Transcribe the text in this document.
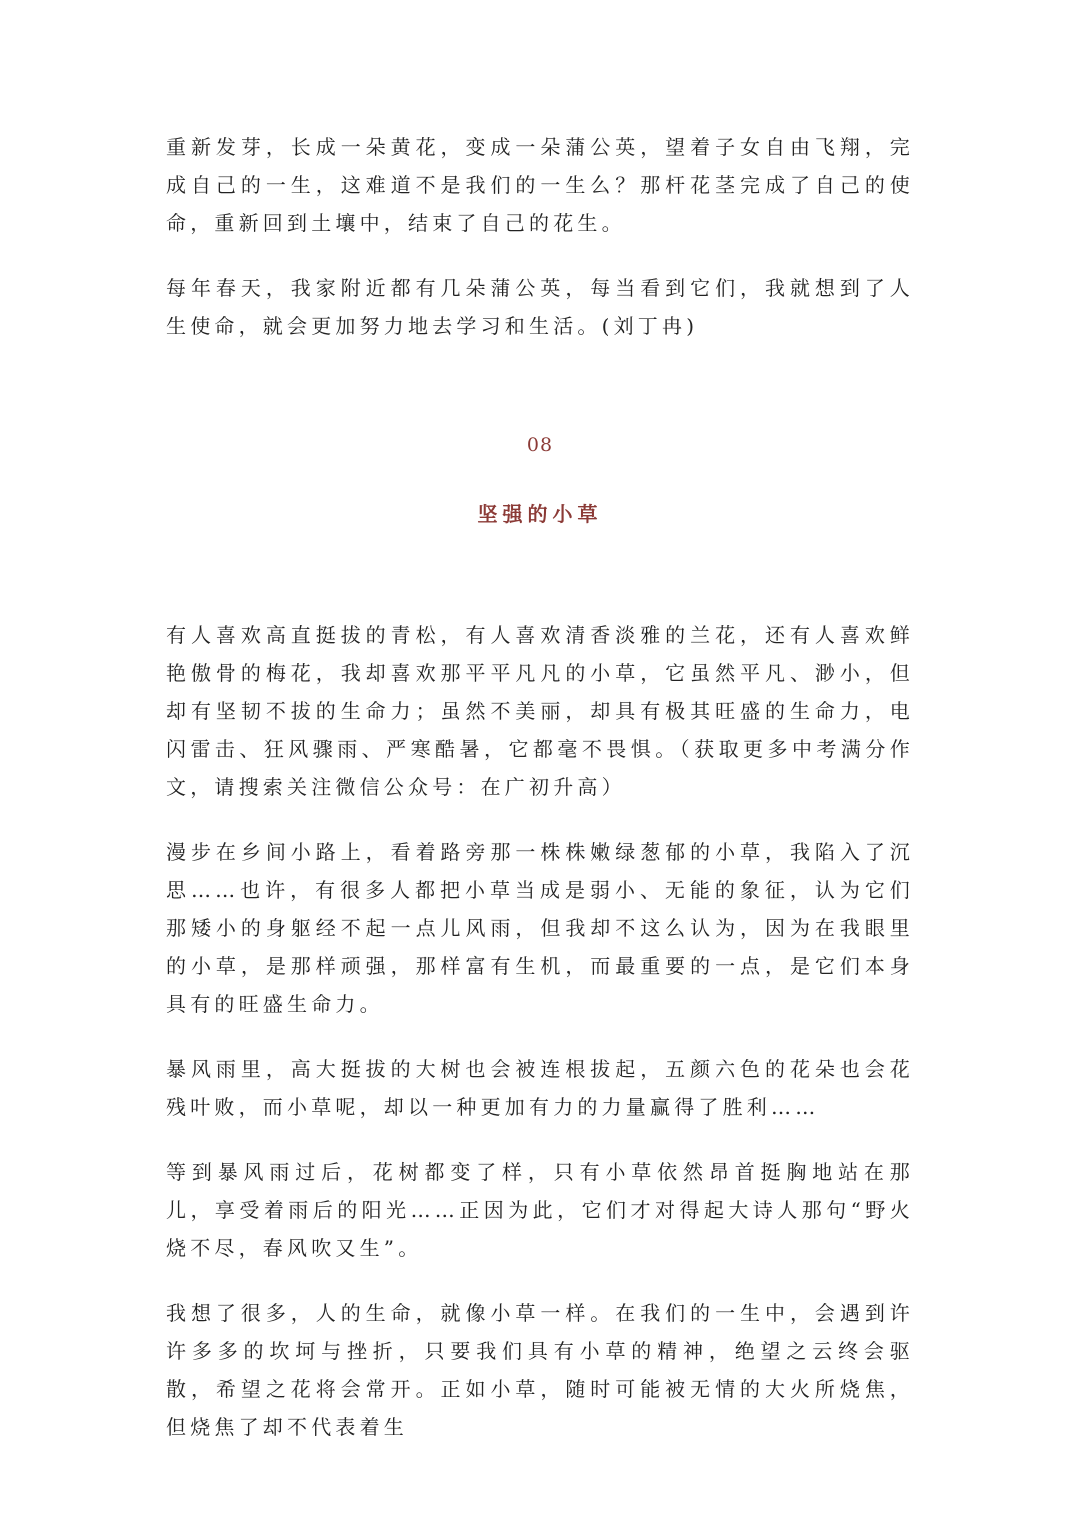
重新发芽，长成一朵黄花，变成一朵蒲公英，望着子女自由飞翔，完成自己的一生，这难道不是我们的一生么？那杆花茎完成了自己的使命，重新回到土壤中，结束了自己的花生。

每年春天，我家附近都有几朵蒲公英，每当看到它们，我就想到了人生使命，就会更加努力地去学习和生活。(刘丁冉)

08

坚强的小草

有人喜欢高直挺拔的青松，有人喜欢清香淡雅的兰花，还有人喜欢鲜艳傲骨的梅花，我却喜欢那平平凡凡的小草，它虽然平凡、渺小，但却有坚韧不拔的生命力；虽然不美丽，却具有极其旺盛的生命力，电闪雷击、狂风骤雨、严寒酷暑，它都毫不畏惧。（获取更多中考满分作文，请搜索关注微信公众号：在广初升高）

漫步在乡间小路上，看着路旁那一株株嫩绿葱郁的小草，我陷入了沉思……也许，有很多人都把小草当成是弱小、无能的象征，认为它们那矮小的身躯经不起一点儿风雨，但我却不这么认为，因为在我眼里的小草，是那样顽强，那样富有生机，而最重要的一点，是它们本身具有的旺盛生命力。

暴风雨里，高大挺拔的大树也会被连根拔起，五颜六色的花朵也会花残叶败，而小草呢，却以一种更加有力的力量赢得了胜利……

等到暴风雨过后，花树都变了样，只有小草依然昂首挺胸地站在那儿，享受着雨后的阳光……正因为此，它们才对得起大诗人那句“野火烧不尽，春风吹又生”。

我想了很多，人的生命，就像小草一样。在我们的一生中，会遇到许许多多的坎坷与挫折，只要我们具有小草的精神，绝望之云终会驱散，希望之花将会常开。正如小草，随时可能被无情的大火所烧焦，但烧焦了却不代表着生
